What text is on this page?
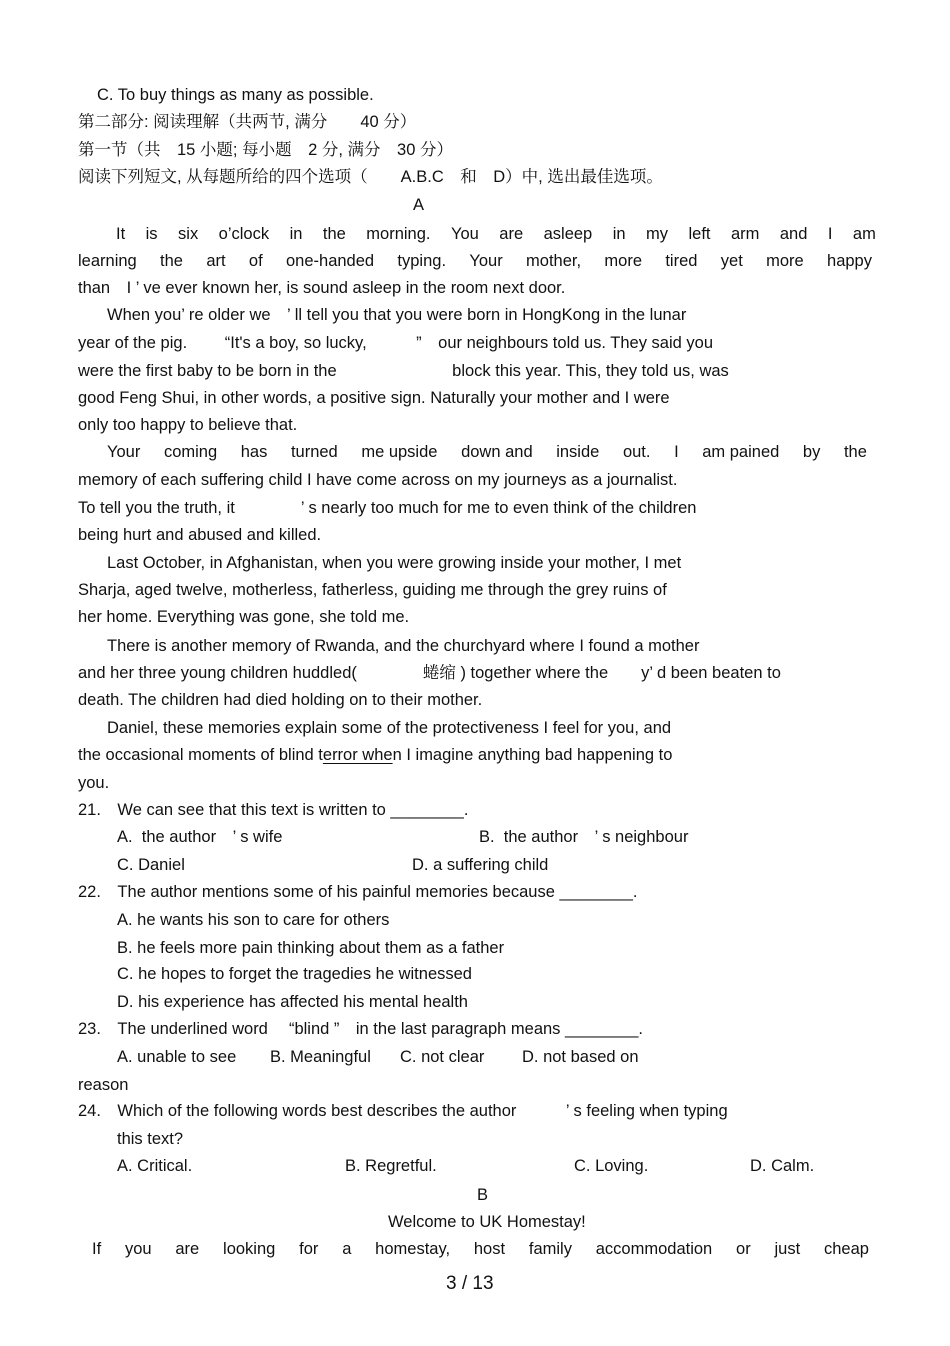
C. To buy things as many as possible.
第二部分: 阅读理解（共两节, 满分　　40 分）
第一节（共　15 小题; 每小题　2 分, 满分　30 分）
阅读下列短文, 从每题所给的四个选项（　　A.B.C　和　D）中, 选出最佳选项。
A
It is six o’clock in the morning. You are asleep in my left arm and I am
learning the art of one-handed typing. Your mother, more tired yet more happy
than　I ’ ve ever known her, is sound asleep in the room next door.
When you’ re older we　’ ll tell you that you were born in HongKong in the lunar
year of the pig.　　 “It's a boy, so lucky,　　　”　our neighbours told us. They said you
were the first baby to be born in the　　　　　　　block this year. This, they told us, was
good Feng Shui, in other words, a positive sign. Naturally your mother and I were
only too happy to believe that.
Your coming has turned me upside down and inside out. I am pained by the
memory of each suffering child I have come across on my journeys as a journalist.
To tell you the truth, it　　　　’ s nearly too much for me to even think of the children
being hurt and abused and killed.
Last October, in Afghanistan, when you were growing inside your mother, I met
Sharja, aged twelve, motherless, fatherless, guiding me through the grey ruins of
her home. Everything was gone, she told me.
There is another memory of Rwanda, and the churchyard where I found a mother
and her three young children huddled(　　　　蜷缩 ) together where the　　y’ d been beaten to
death. The children had died holding on to their mother.
Daniel, these memories explain some of the protectiveness I feel for you, and
the occasional moments of blind terror when I imagine anything bad happening to
you.
21.　We can see that this text is written to ________.
A.  the author　’ s wife	B.  the author　’ s neighbour
C. Daniel	D. a suffering child
22.　The author mentions some of his painful memories because ________.
A. he wants his son to care for others
B. he feels more pain thinking about them as a father
C. he hopes to forget the tragedies he witnessed
D. his experience has affected his mental health
23.　The underlined word　 “blind ”　in the last paragraph means ________.
A. unable to see B. Meaningful C. not clear D. not based on
reason
24.　Which of the following words best describes the author　　　’ s feeling when typing
this text?
A. Critical.	B. Regretful.	C. Loving.	D. Calm.
B
Welcome to UK Homestay!
If you are looking for a homestay, host family accommodation or just cheap
3 / 13
